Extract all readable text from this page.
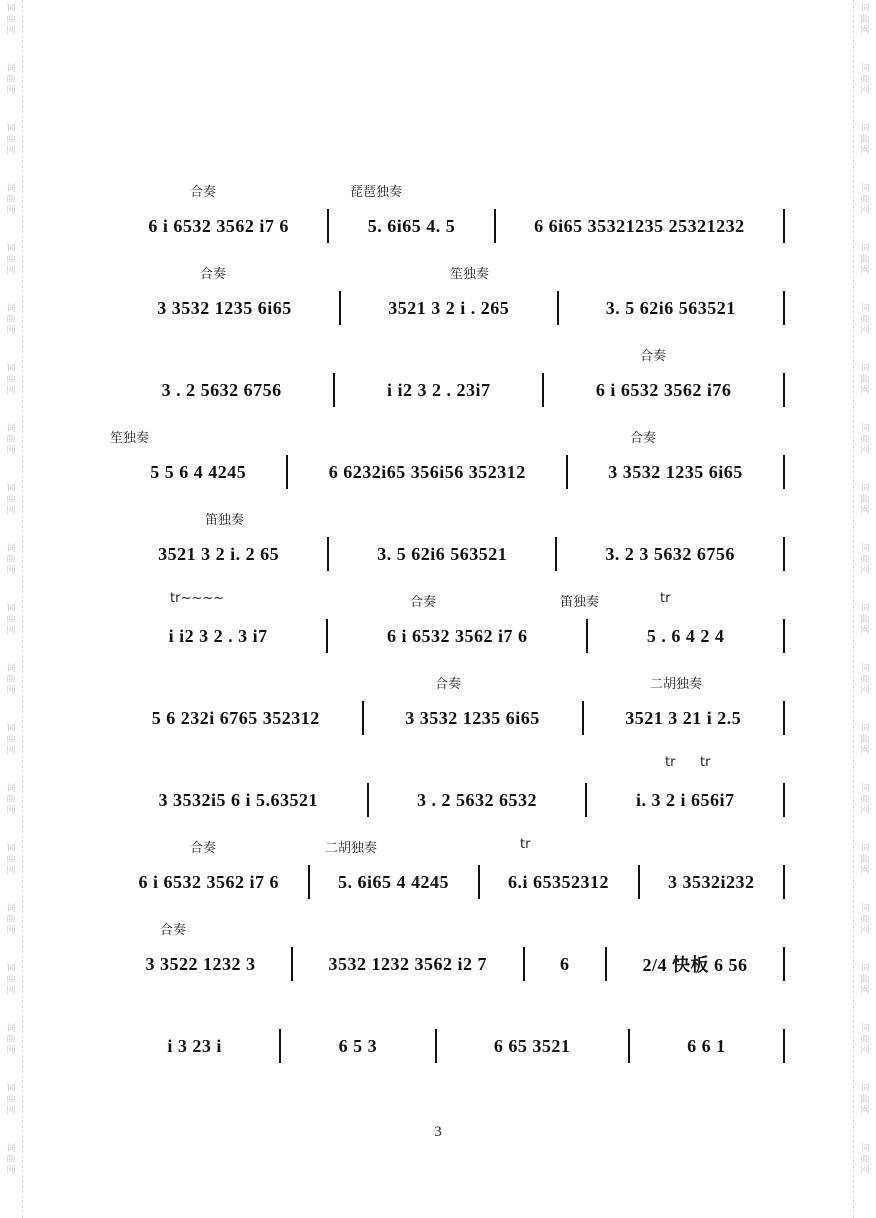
词
曲
网
词
曲
网
词
曲
网
词
曲
网
词
曲
网
词
曲
网
词
曲
网
词
曲
网
词
曲
网
词
曲
网
词
曲
网
词
曲
网
词
曲
网
词
曲
网
词
曲
网
词
曲
网
词
曲
网
词
曲
网
词
曲
网
词
曲
网
词
曲
网
词
曲
网
词
曲
网
词
曲
网
词
曲
网
词
曲
网
词
曲
网
词
曲
网
词
曲
网
词
曲
网
词
曲
网
词
曲
网
词
曲
网
词
曲
网
词
曲
网
词
曲
网
词
曲
网
词
曲
网
词
曲
网
词
曲
网
合奏	琵琶独奏
6 i 6532 3562 i7 6	5. 6i65 4. 5	6 6i65 35321235 25321232
合奏	笙独奏
3 3532 1235 6i65	3521 3 2 i . 265	3. 5 62i6 563521
合奏
3 . 2 5632 6756	i i2 3 2 . 23i7	6 i 6532 3562 i76
笙独奏	合奏
5 5 6 4 4245	6 6232i65 356i56 352312	3 3532 1235 6i65
笛独奏
3521 3 2 i. 2 65	3. 5 62i6 563521	3. 2 3 5632 6756
tr~~~~	合奏	笛独奏	tr
i i2 3 2 . 3 i7	6 i 6532 3562 i7 6	5 . 6 4 2 4
合奏	二胡独奏
5 6 232i 6765 352312	3 3532 1235 6i65	3521 3 21 i 2.5
tr tr
3 3532i5 6 i 5.63521	3 . 2 5632 6532	i. 3 2 i 656i7
合奏	二胡独奏	tr
6 i 6532 3562 i7 6	5. 6i65 4 4245	6.i 65352312	3 3532i232
合奏
3 3522 1232 3	3532 1232 3562 i2 7	6	2/4 快板 6 56
i 3 23 i	6 5 3	6 65 3521	6 6 1
3
